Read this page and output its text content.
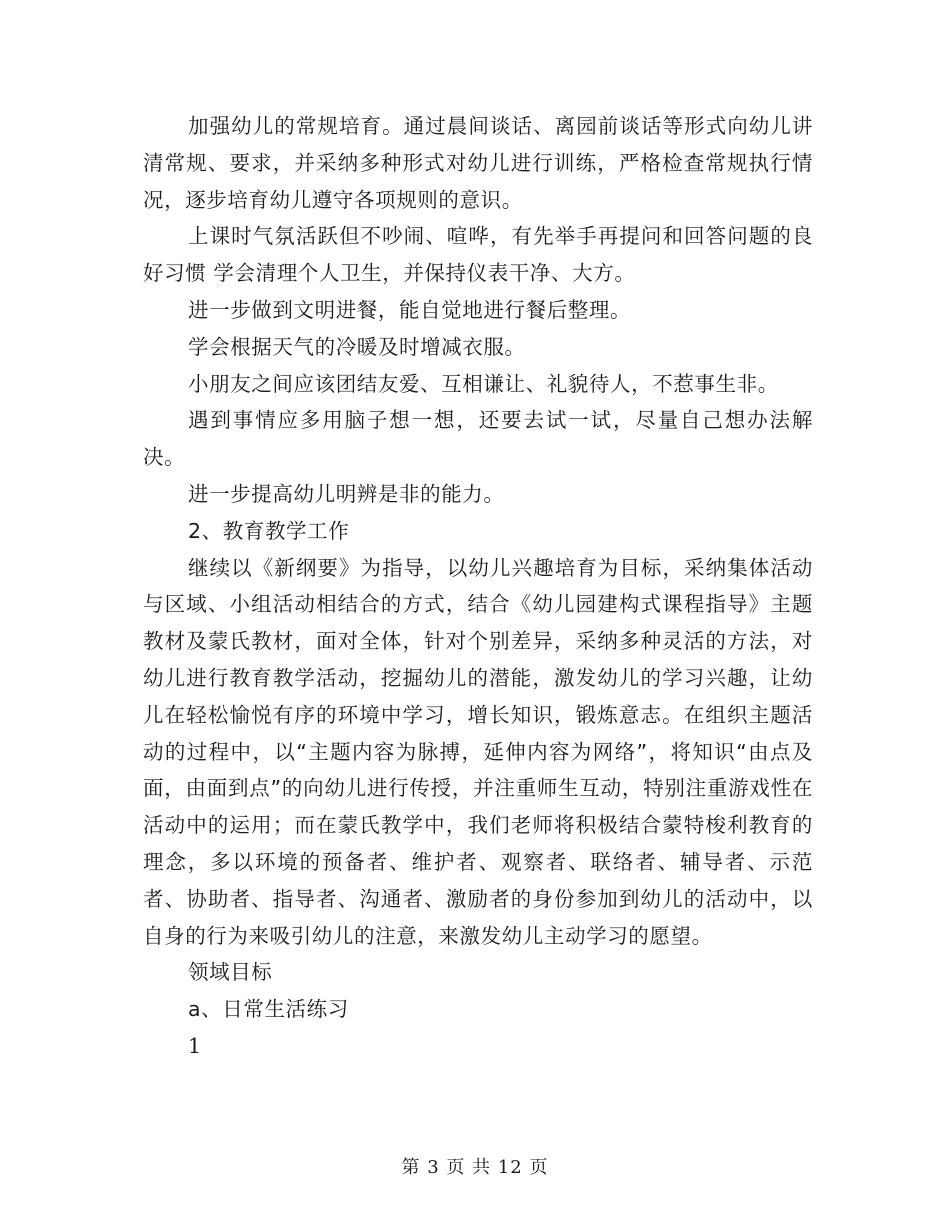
加强幼儿的常规培育。通过晨间谈话、离园前谈话等形式向幼儿讲清常规、要求，并采纳多种形式对幼儿进行训练，严格检查常规执行情况，逐步培育幼儿遵守各项规则的意识。

上课时气氛活跃但不吵闹、喧哗，有先举手再提问和回答问题的良好习惯 学会清理个人卫生，并保持仪表干净、大方。

进一步做到文明进餐，能自觉地进行餐后整理。

学会根据天气的冷暖及时增减衣服。

小朋友之间应该团结友爱、互相谦让、礼貌待人，不惹事生非。

遇到事情应多用脑子想一想，还要去试一试，尽量自己想办法解决。

进一步提高幼儿明辨是非的能力。

2、教育教学工作

继续以《新纲要》为指导，以幼儿兴趣培育为目标，采纳集体活动与区域、小组活动相结合的方式，结合《幼儿园建构式课程指导》主题教材及蒙氏教材，面对全体，针对个别差异，采纳多种灵活的方法，对幼儿进行教育教学活动，挖掘幼儿的潜能，激发幼儿的学习兴趣，让幼儿在轻松愉悦有序的环境中学习，增长知识，锻炼意志。在组织主题活动的过程中，以“主题内容为脉搏，延伸内容为网络”，将知识“由点及面，由面到点”的向幼儿进行传授，并注重师生互动，特别注重游戏性在活动中的运用；而在蒙氏教学中，我们老师将积极结合蒙特梭利教育的理念，多以环境的预备者、维护者、观察者、联络者、辅导者、示范者、协助者、指导者、沟通者、激励者的身份参加到幼儿的活动中，以自身的行为来吸引幼儿的注意，来激发幼儿主动学习的愿望。

领域目标

a、日常生活练习

1

第 3 页 共 12 页
